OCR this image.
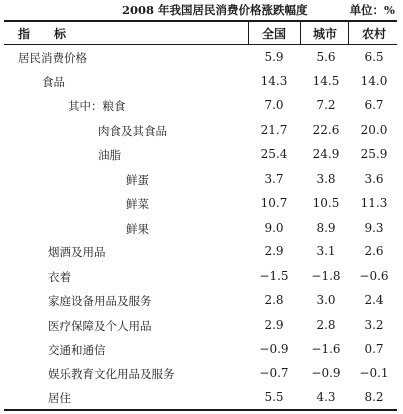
2008 年我国居民消费价格涨跌幅度	单位：%
指　　标	全国	城市	农村
居民消费价格	5.9	5.6	6.5
食品	14.3	14.5	14.0
其中：粮食	7.0	7.2	6.7
肉食及其食品	21.7	22.6	20.0
油脂	25.4	24.9	25.9
鲜蛋	3.7	3.8	3.6
鲜菜	10.7	10.5	11.3
鲜果	9.0	8.9	9.3
烟酒及用品	2.9	3.1	2.6
衣着	−1.5	−1.8	−0.6
家庭设备用品及服务	2.8	3.0	2.4
医疗保障及个人用品	2.9	2.8	3.2
交通和通信	−0.9	−1.6	0.7
娱乐教育文化用品及服务	−0.7	−0.9	−0.1
居住	5.5	4.3	8.2
